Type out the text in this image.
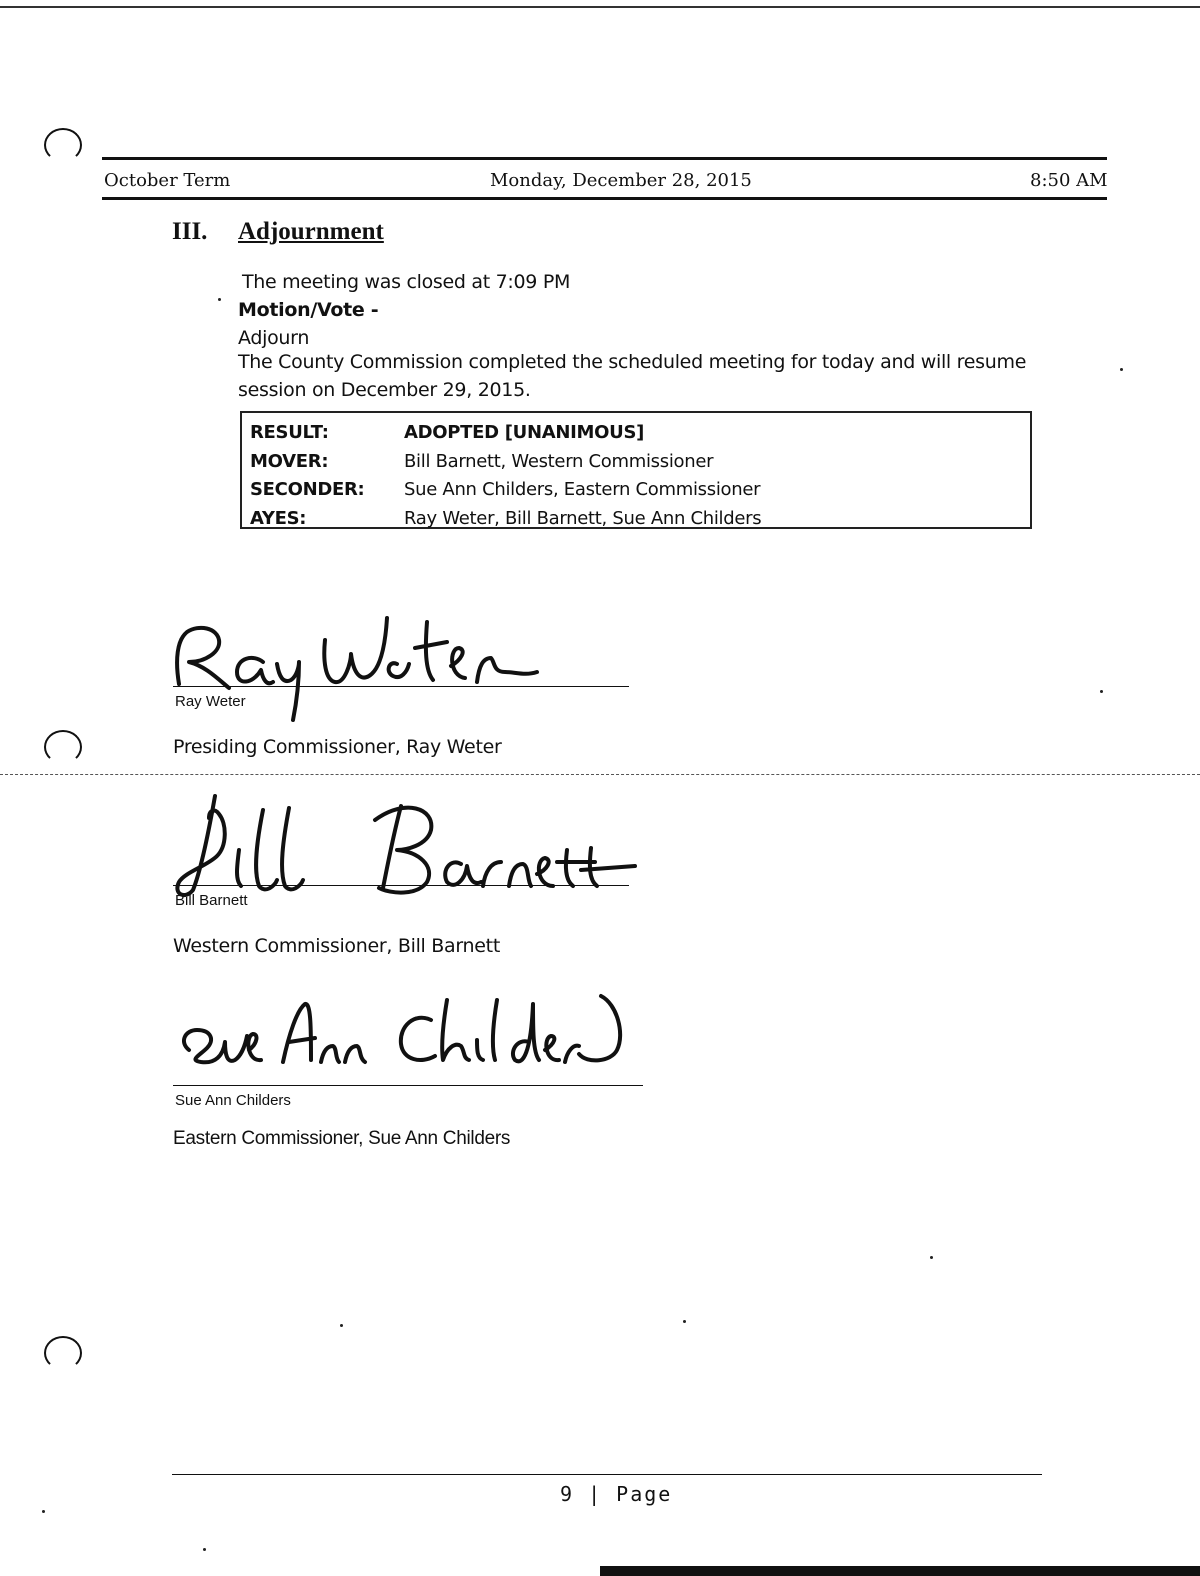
October Term	Monday, December 28, 2015	8:50 AM
III. Adjournment
The meeting was closed at 7:09 PM
Motion/Vote -
Adjourn
The County Commission completed the scheduled meeting for today and will resume
session on December 29, 2015.
RESULT:	ADOPTED [UNANIMOUS]
MOVER:	Bill Barnett, Western Commissioner
SECONDER: Sue Ann Childers, Eastern Commissioner
AYES:	Ray Weter, Bill Barnett, Sue Ann Childers
Ray Weter
Presiding Commissioner, Ray Weter
Bill Barnett
Western Commissioner, Bill Barnett
Sue Ann Childers
Eastern Commissioner, Sue Ann Childers
9 | Page
